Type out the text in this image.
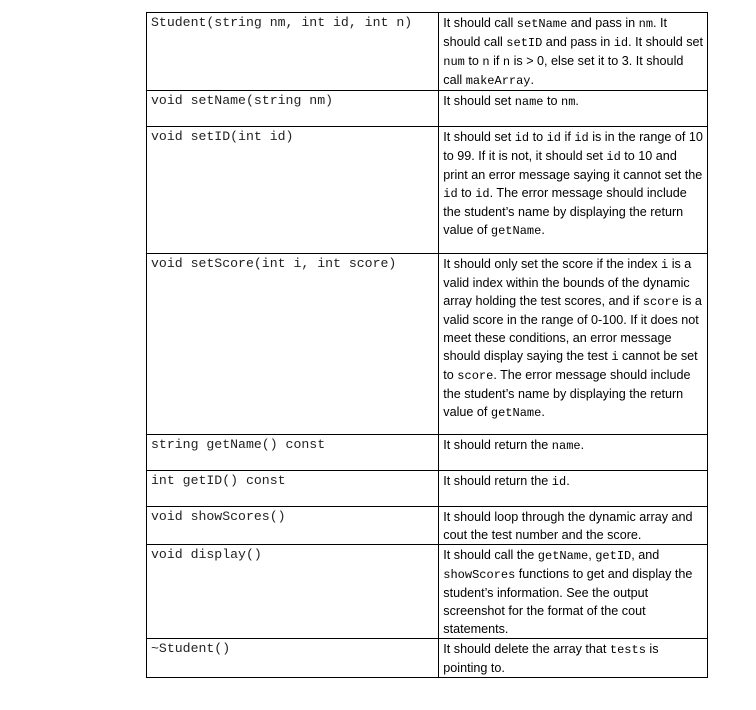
Student(string nm, int id, int n)	It should call setName and pass in nm. It should call setID and pass in id. It should set num to n if n is > 0, else set it to 3. It should call makeArray.
void setName(string nm)	It should set name to nm.
void setID(int id)	It should set id to id if id is in the range of 10 to 99. If it is not, it should set id to 10 and print an error message saying it cannot set the id to id. The error message should include the student’s name by displaying the return value of getName.
void setScore(int i, int score)	It should only set the score if the index i is a valid index within the bounds of the dynamic array holding the test scores, and if score is a valid score in the range of 0-100. If it does not meet these conditions, an error message should display saying the test i cannot be set to score. The error message should include the student’s name by displaying the return value of getName.
string getName() const	It should return the name.
int getID() const	It should return the id.
void showScores()	It should loop through the dynamic array and cout the test number and the score.
void display()	It should call the getName, getID, and showScores functions to get and display the student’s information. See the output screenshot for the format of the cout statements.
~Student()	It should delete the array that tests is pointing to.
